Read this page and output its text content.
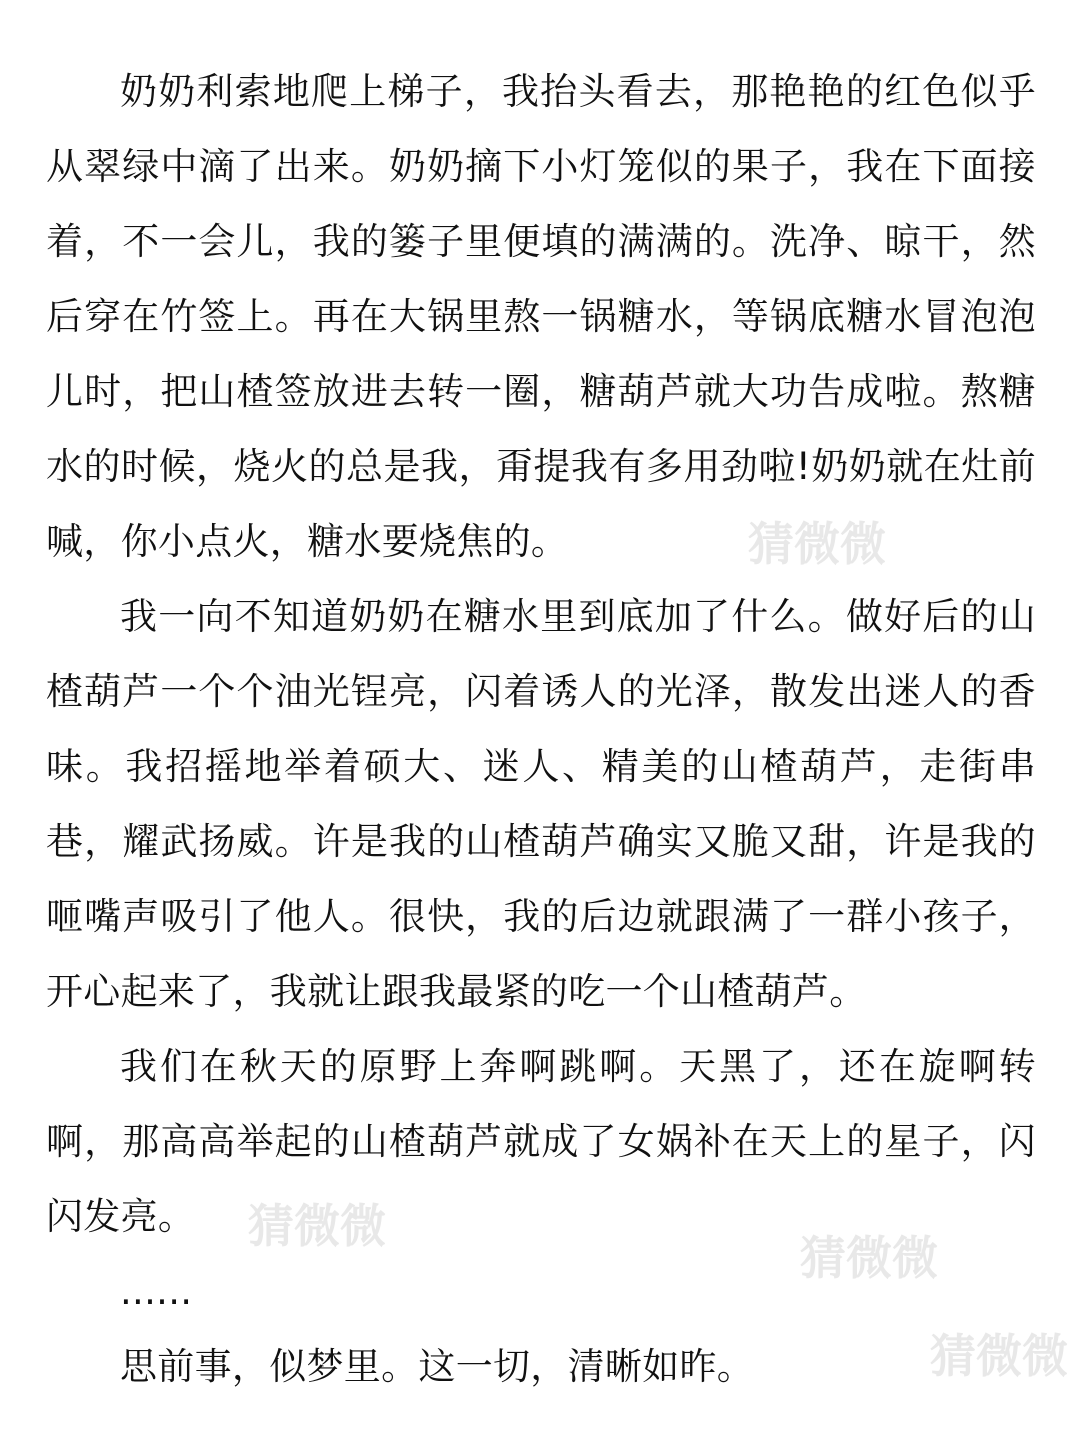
奶奶利索地爬上梯子，我抬头看去，那艳艳的红色似乎从翠绿中滴了出来。奶奶摘下小灯笼似的果子，我在下面接着，不一会儿，我的篓子里便填的满满的。洗净、晾干，然后穿在竹签上。再在大锅里熬一锅糖水，等锅底糖水冒泡泡儿时，把山楂签放进去转一圈，糖葫芦就大功告成啦。熬糖水的时候，烧火的总是我，甭提我有多用劲啦!奶奶就在灶前喊，你小点火，糖水要烧焦的。

我一向不知道奶奶在糖水里到底加了什么。做好后的山楂葫芦一个个油光锃亮，闪着诱人的光泽，散发出迷人的香味。我招摇地举着硕大、迷人、精美的山楂葫芦，走街串巷，耀武扬威。许是我的山楂葫芦确实又脆又甜，许是我的咂嘴声吸引了他人。很快，我的后边就跟满了一群小孩子，开心起来了，我就让跟我最紧的吃一个山楂葫芦。

我们在秋天的原野上奔啊跳啊。天黑了，还在旋啊转啊，那高高举起的山楂葫芦就成了女娲补在天上的星子，闪闪发亮。

......

思前事，似梦里。这一切，清晰如昨。

猜微微
猜微微
猜微微
猜微微
